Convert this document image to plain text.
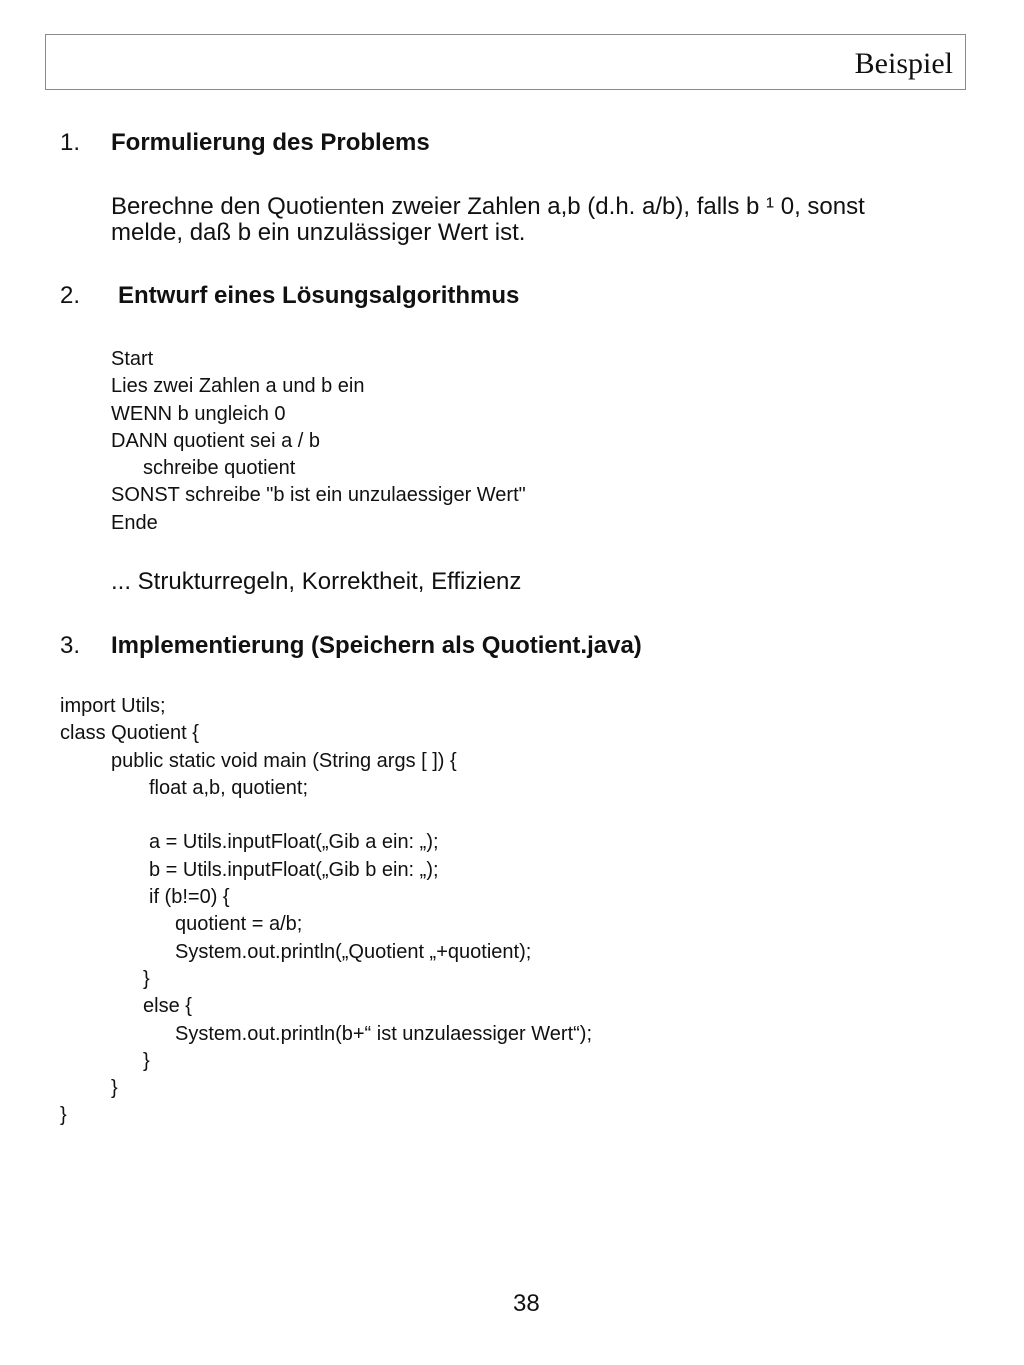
Beispiel
1. Formulierung des Problems
Berechne den Quotienten zweier Zahlen a,b (d.h. a/b), falls b ¹ 0, sonst
melde, daß b ein unzulässiger Wert ist.
2. Entwurf eines Lösungsalgorithmus
Start
Lies zwei Zahlen a und b ein
WENN b ungleich 0
DANN quotient sei a / b
schreibe quotient
SONST schreibe "b ist ein unzulaessiger Wert"
Ende
... Strukturregeln, Korrektheit, Effizienz
3. Implementierung (Speichern als Quotient.java)
import Utils;
class Quotient {
public static void main (String args [ ]) {
float a,b, quotient;
a = Utils.inputFloat(„Gib a ein: „);
b = Utils.inputFloat(„Gib b ein: „);
if (b!=0) {
quotient = a/b;
System.out.println(„Quotient „+quotient);
}
else {
System.out.println(b+“ ist unzulaessiger Wert“);
}
}
}
38
